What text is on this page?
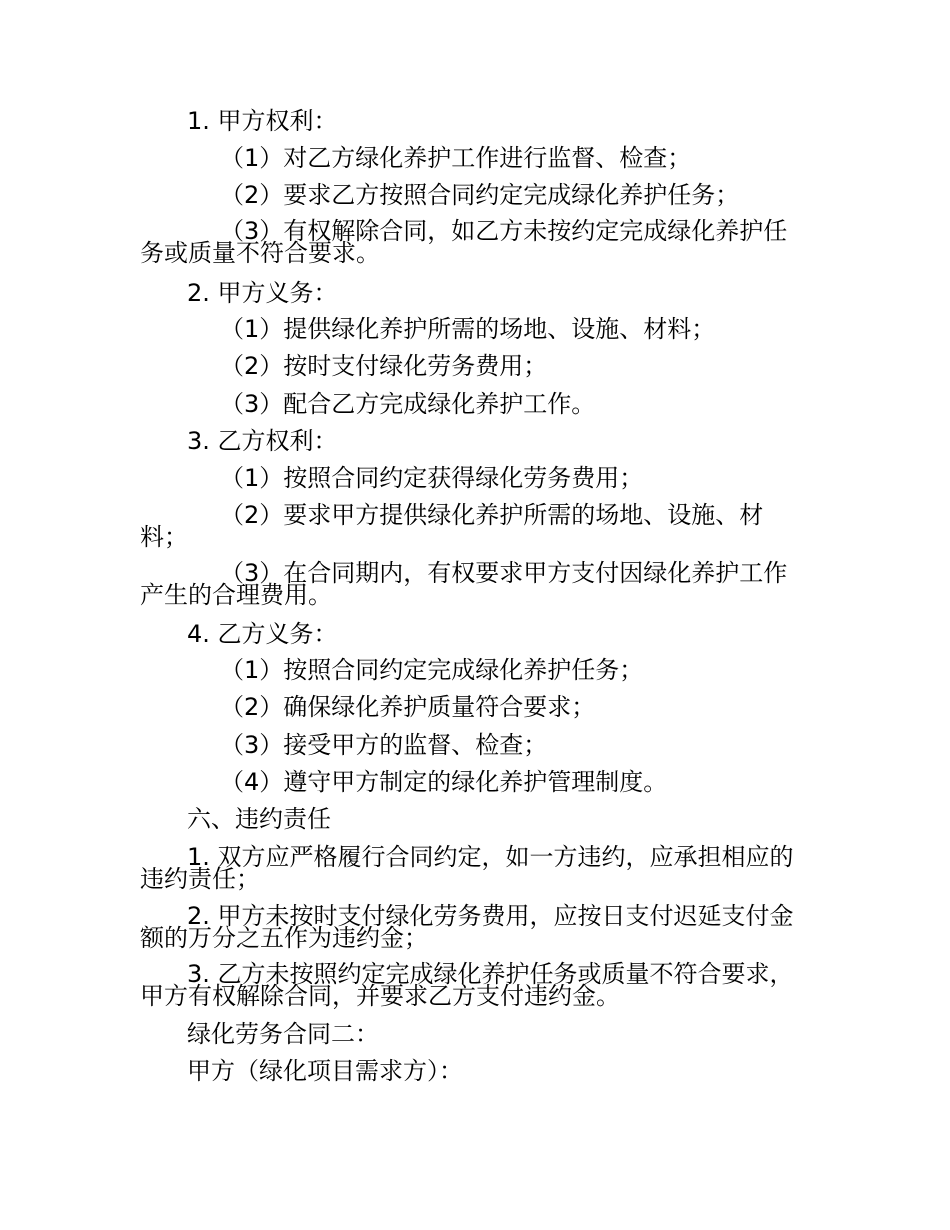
1. 甲方权利：
（1）对乙方绿化养护工作进行监督、检查；
（2）要求乙方按照合同约定完成绿化养护任务；
（3）有权解除合同，如乙方未按约定完成绿化养护任
务或质量不符合要求。
2. 甲方义务：
（1）提供绿化养护所需的场地、设施、材料；
（2）按时支付绿化劳务费用；
（3）配合乙方完成绿化养护工作。
3. 乙方权利：
（1）按照合同约定获得绿化劳务费用；
（2）要求甲方提供绿化养护所需的场地、设施、材
料；
（3）在合同期内，有权要求甲方支付因绿化养护工作
产生的合理费用。
4. 乙方义务：
（1）按照合同约定完成绿化养护任务；
（2）确保绿化养护质量符合要求；
（3）接受甲方的监督、检查；
（4）遵守甲方制定的绿化养护管理制度。
六、违约责任
1. 双方应严格履行合同约定，如一方违约，应承担相应的
违约责任；
2. 甲方未按时支付绿化劳务费用，应按日支付迟延支付金
额的万分之五作为违约金；
3. 乙方未按照约定完成绿化养护任务或质量不符合要求，
甲方有权解除合同，并要求乙方支付违约金。
绿化劳务合同二：
甲方（绿化项目需求方）：
